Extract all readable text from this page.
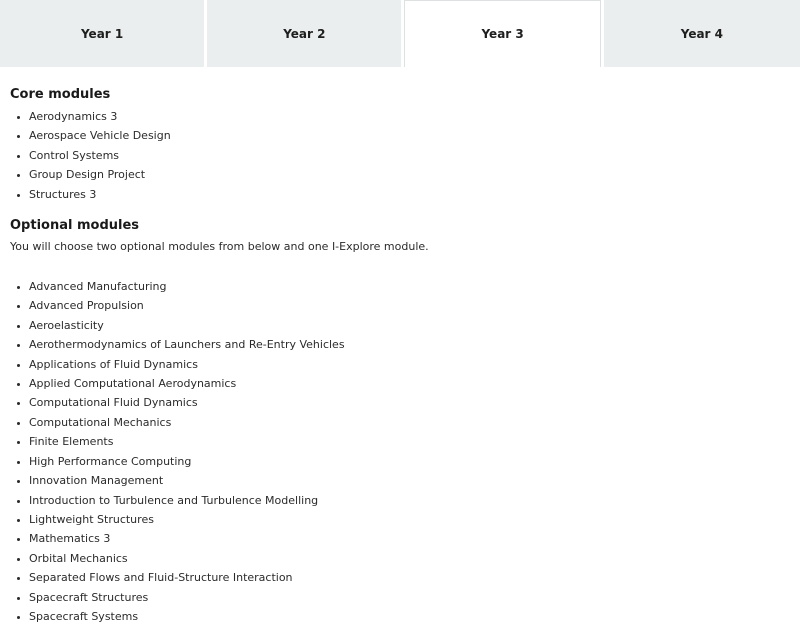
Year 1	Year 2	Year 3	Year 4
Core modules
• Aerodynamics 3
• Aerospace Vehicle Design
• Control Systems
• Group Design Project
• Structures 3
Optional modules

You will choose two optional modules from below and one I-Explore module.

• Advanced Manufacturing
• Advanced Propulsion
• Aeroelasticity
• Aerothermodynamics of Launchers and Re-Entry Vehicles
• Applications of Fluid Dynamics
• Applied Computational Aerodynamics
• Computational Fluid Dynamics
• Computational Mechanics
• Finite Elements
• High Performance Computing
• Innovation Management
• Introduction to Turbulence and Turbulence Modelling
• Lightweight Structures
• Mathematics 3
• Orbital Mechanics
• Separated Flows and Fluid-Structure Interaction
• Spacecraft Structures
• Spacecraft Systems
